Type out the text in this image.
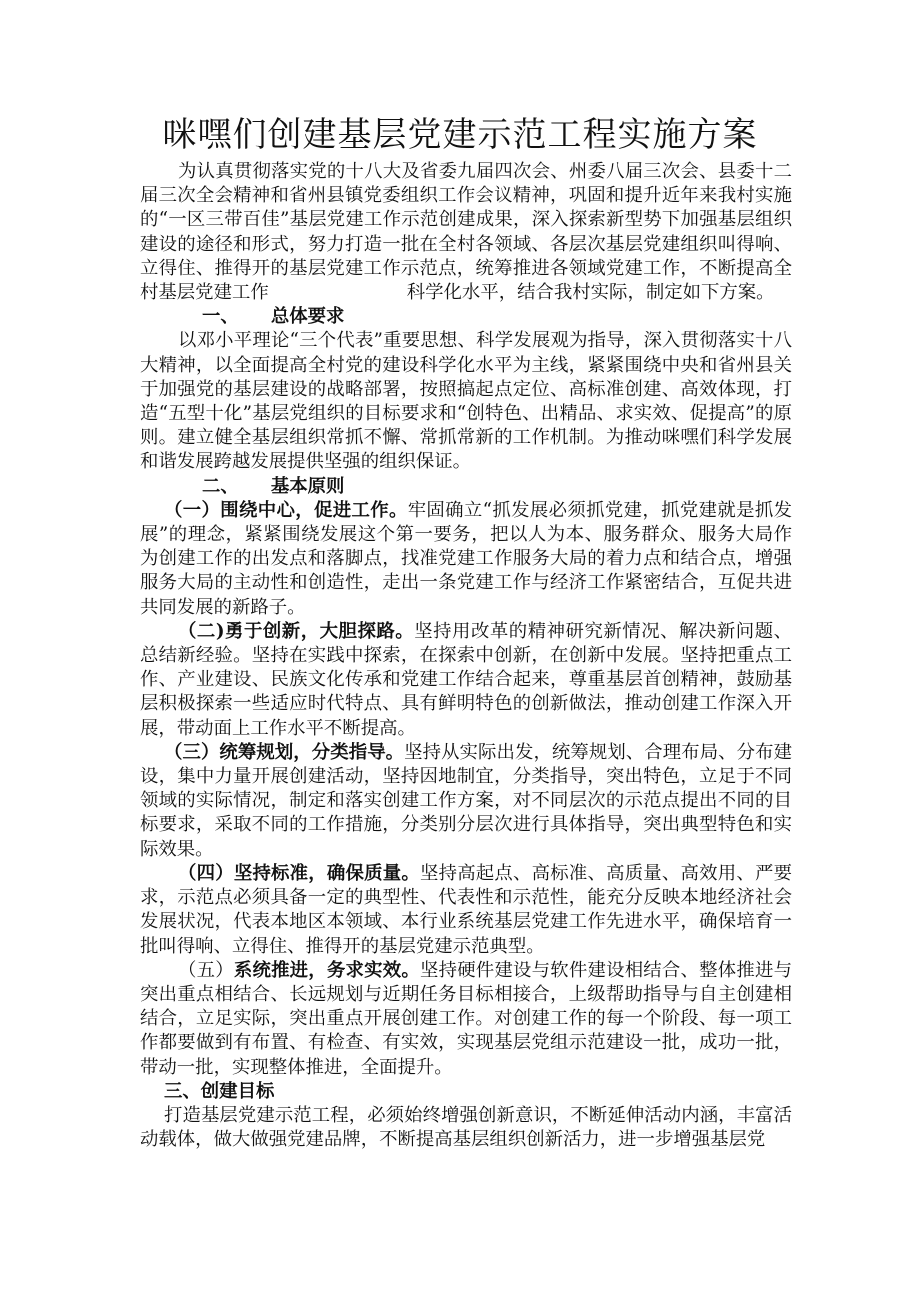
咪嘿们创建基层党建示范工程实施方案

为认真贯彻落实党的十八大及省委九届四次会、州委八届三次会、县委十二届三次全会精神和省州县镇党委组织工作会议精神，巩固和提升近年来我村实施的“一区三带百佳”基层党建工作示范创建成果，深入探索新型势下加强基层组织建设的途径和形式，努力打造一批在全村各领域、各层次基层党建组织叫得响、立得住、推得开的基层党建工作示范点，统筹推进各领域党建工作，不断提高全村基层党建工作	科学化水平，结合我村实际，制定如下方案。

一、 总体要求

以邓小平理论“三个代表”重要思想、科学发展观为指导，深入贯彻落实十八大精神，以全面提高全村党的建设科学化水平为主线，紧紧围绕中央和省州县关于加强党的基层建设的战略部署，按照搞起点定位、高标准创建、高效体现，打造“五型十化”基层党组织的目标要求和“创特色、出精品、求实效、促提高”的原则。建立健全基层组织常抓不懈、常抓常新的工作机制。为推动咪嘿们科学发展和谐发展跨越发展提供坚强的组织保证。

二、 基本原则

（一）围绕中心，促进工作。牢固确立“抓发展必须抓党建，抓党建就是抓发展”的理念，紧紧围绕发展这个第一要务，把以人为本、服务群众、服务大局作为创建工作的出发点和落脚点，找准党建工作服务大局的着力点和结合点，增强服务大局的主动性和创造性，走出一条党建工作与经济工作紧密结合，互促共进共同发展的新路子。

（二)勇于创新，大胆探路。坚持用改革的精神研究新情况、解决新问题、总结新经验。坚持在实践中探索，在探索中创新，在创新中发展。坚持把重点工作、产业建设、民族文化传承和党建工作结合起来，尊重基层首创精神，鼓励基层积极探索一些适应时代特点、具有鲜明特色的创新做法，推动创建工作深入开展，带动面上工作水平不断提高。

（三）统筹规划，分类指导。坚持从实际出发，统筹规划、合理布局、分布建设，集中力量开展创建活动，坚持因地制宜，分类指导，突出特色，立足于不同领域的实际情况，制定和落实创建工作方案，对不同层次的示范点提出不同的目标要求，采取不同的工作措施，分类别分层次进行具体指导，突出典型特色和实际效果。

（四）坚持标准，确保质量。坚持高起点、高标准、高质量、高效用、严要求，示范点必须具备一定的典型性、代表性和示范性，能充分反映本地经济社会发展状况，代表本地区本领域、本行业系统基层党建工作先进水平，确保培育一批叫得响、立得住、推得开的基层党建示范典型。

（五）系统推进，务求实效。坚持硬件建设与软件建设相结合、整体推进与突出重点相结合、长远规划与近期任务目标相接合，上级帮助指导与自主创建相结合，立足实际，突出重点开展创建工作。对创建工作的每一个阶段、每一项工作都要做到有布置、有检查、有实效，实现基层党组示范建设一批，成功一批，带动一批，实现整体推进，全面提升。

三、创建目标

打造基层党建示范工程，必须始终增强创新意识，不断延伸活动内涵，丰富活动载体，做大做强党建品牌，不断提高基层组织创新活力，进一步增强基层党
